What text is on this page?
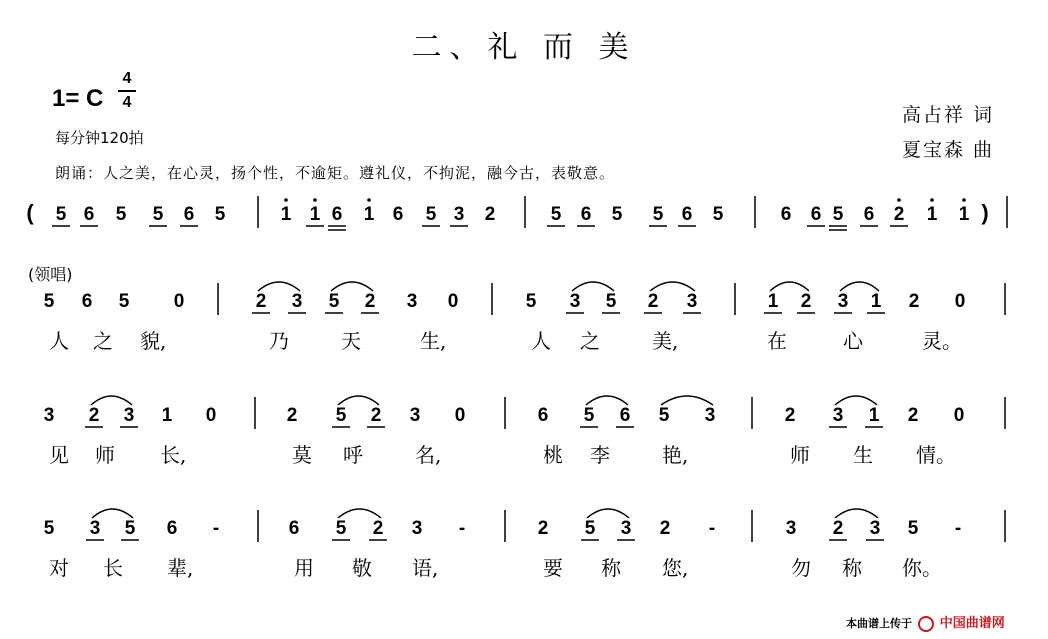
二、礼 而 美
1= C
4
4
每分钟120拍
朗诵：人之美，在心灵，扬个性，不逾矩。遵礼仪，不拘泥，融今古，表敬意。
高占祥 词
夏宝森 曲
(领唱)
( 5 6 5 5 6 5	1 1 6 1 6 5 3 2	5 6 5 5 6 5	6 6 5 6 2 1 1 )
5 6 5 0
人 之 貌,
2 3 5 2 3 0
乃	天	生,
5 3 5 2 3
人 之	美,
1 2 3 1 2 0
在	心	灵。
3 2 3 1 0
见 师 长,
2 5 2 3 0
莫 呼	名,
6 5 6 5 3
桃 李	艳,
2 3 1 2 0
师 生 情。
5 3 5 6 -
对 长 辈,
6 5 2 3 -
用 敬 语,
2 5 3 2 -
要 称 您,
3 2 3 5 -
勿 称 你。
本曲谱上传于 中国曲谱网
